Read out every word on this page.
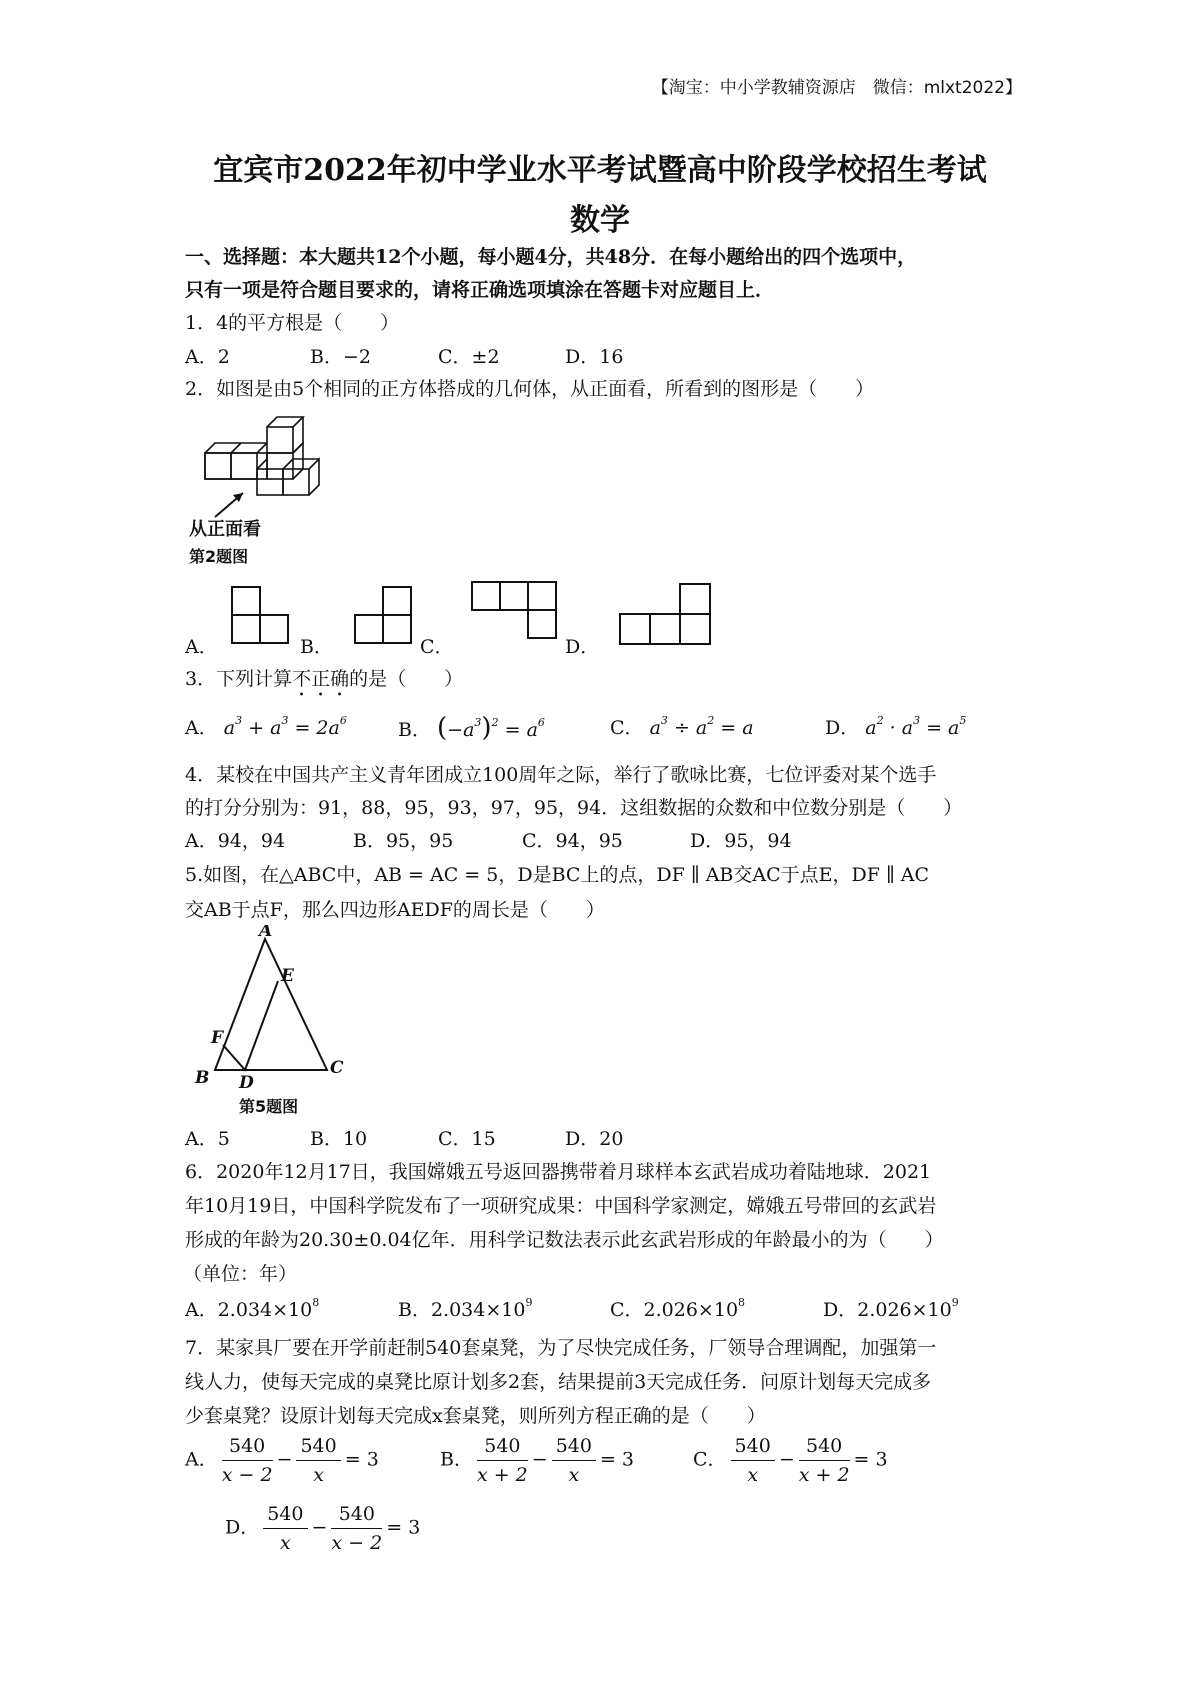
【淘宝：中小学教辅资源店　微信：mlxt2022】
宜宾市2022年初中学业水平考试暨高中阶段学校招生考试
数学
一、选择题：本大题共12个小题，每小题4分，共48分．在每小题给出的四个选项中，
只有一项是符合题目要求的，请将正确选项填涂在答题卡对应题目上．
1．4的平方根是（　　）
A．2	B．−2	C．±2	D．16
2．如图是由5个相同的正方体搭成的几何体，从正面看，所看到的图形是（　　）
从正面看
第2题图
A．	B．	C．	D．
3．下列计算不正确的是（　　）
A． $a^3 + a^3 = 2a^6$	B． $(-a^3)^2 = a^6$	C． $a^3 \div a^2 = a$	D． $a^2 \cdot a^3 = a^5$
4．某校在中国共产主义青年团成立100周年之际，举行了歌咏比赛，七位评委对某个选手
的打分分别为：91，88，95，93，97，95，94．这组数据的众数和中位数分别是（　　）
A．94，94	B．95，95	C．94，95	D．95，94
5.如图，在△ABC中，AB = AC = 5，D是BC上的点，DF ∥ AB交AC于点E，DF ∥ AC
交AB于点F，那么四边形AEDF的周长是（　　）
A
E
F
B D
C
第5题图
A．5	B．10	C．15	D．20
6．2020年12月17日，我国嫦娥五号返回器携带着月球样本玄武岩成功着陆地球．2021
年10月19日，中国科学院发布了一项研究成果：中国科学家测定，嫦娥五号带回的玄武岩
形成的年龄为20.30±0.04亿年．用科学记数法表示此玄武岩形成的年龄最小的为（　　）
（单位：年）
A．$2.034\times 10^8$	B．$2.034\times 10^9$	C．$2.026\times 10^8$	D．$2.026\times 10^9$
7．某家具厂要在开学前赶制540套桌凳，为了尽快完成任务，厂领导合理调配，加强第一
线人力，使每天完成的桌凳比原计划多2套，结果提前3天完成任务．问原计划每天完成多
少套桌凳？设原计划每天完成x套桌凳，则所列方程正确的是（　　）
A． $\frac{540}{x - 2} - \frac{540}{x} = 3$	B． $\frac{540}{x + 2} - \frac{540}{x} = 3$	C． $\frac{540}{x} - \frac{540}{x + 2} = 3$
D． $\frac{540}{x} - \frac{540}{x - 2} = 3$
